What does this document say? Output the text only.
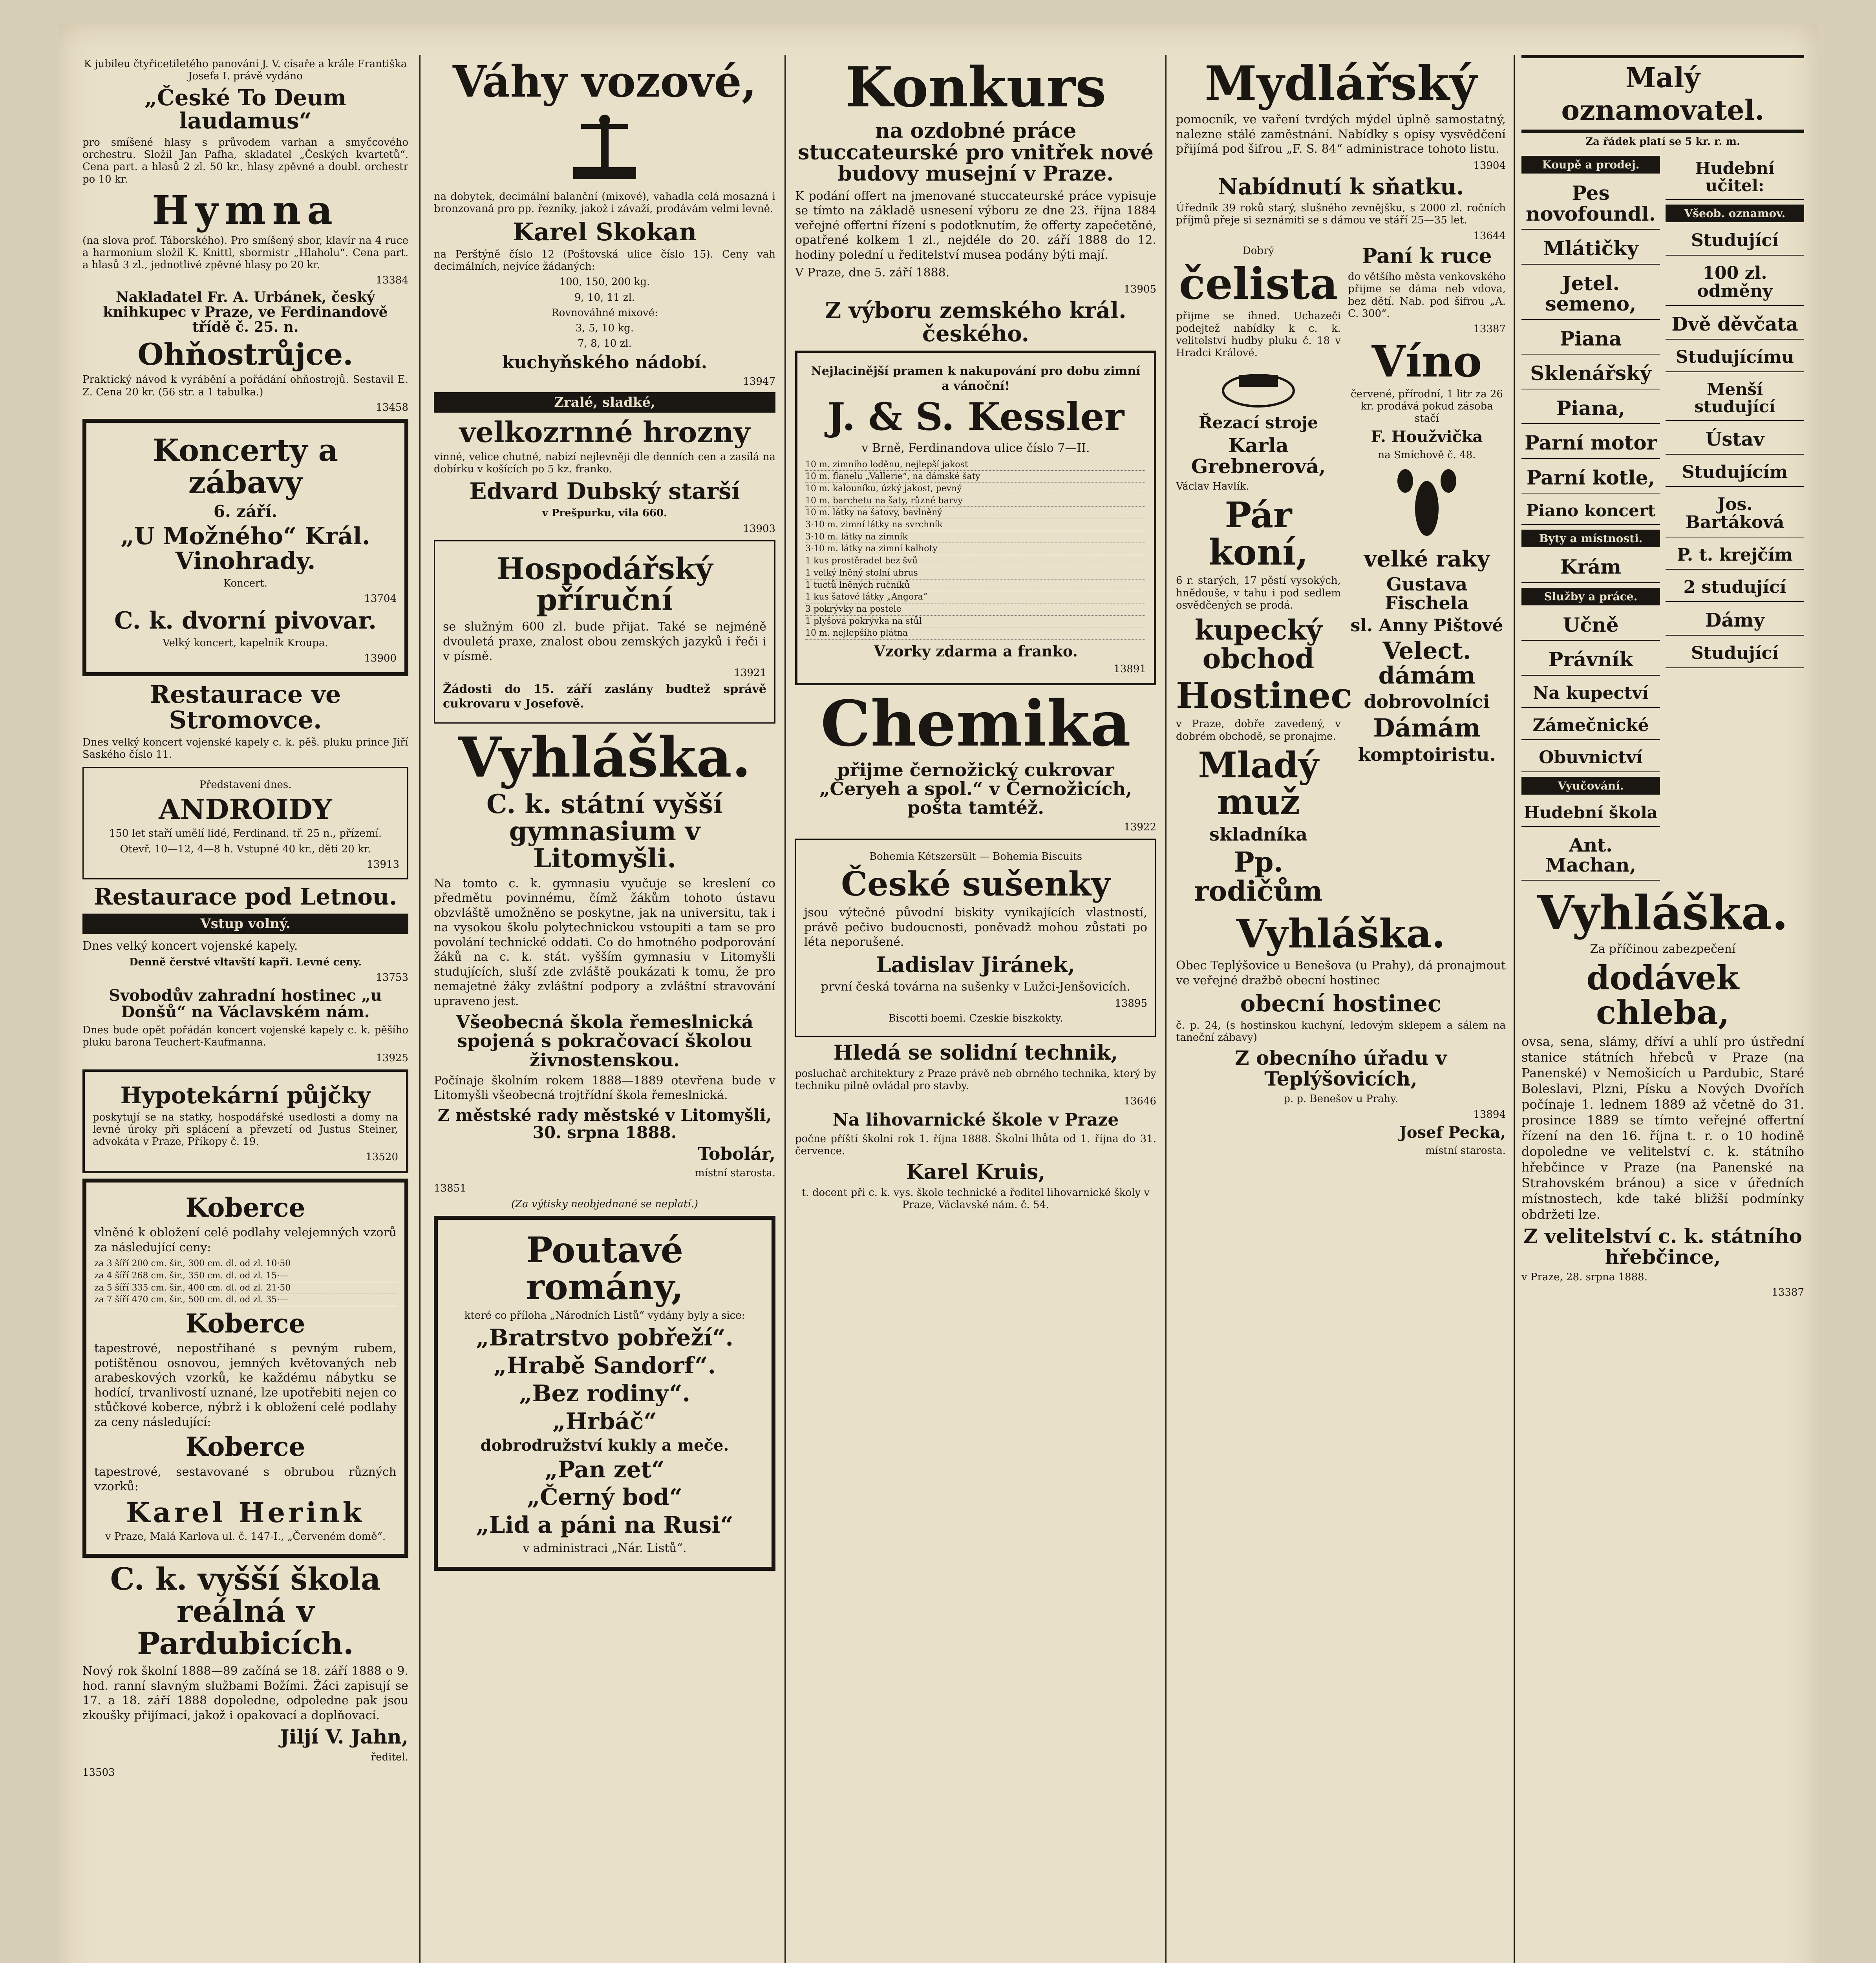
K jubileu čtyřicetiletého panování J. V. císaře a krále Františka Josefa I. právě vydáno
„České To Deum laudamus“
pro smíšené hlasy s průvodem varhan a smyčcového orchestru. Složil Jan Pafha, skladatel „Českých kvartetů“. Cena part. a hlasů 2 zl. 50 kr., hlasy zpěvné a doubl. orchestr po 10 kr.
Hymna
(na slova prof. Táborského). Pro smíšený sbor, klavír na 4 ruce a harmonium složil K. Knittl, sbormistr „Hlaholu“. Cena part. a hlasů 3 zl., jednotlivé zpěvné hlasy po 20 kr.
13384
Nakladatel Fr. A. Urbánek, český knihkupec v Praze, ve Ferdinandově třídě č. 25. n.
Ohňostrůjce.
Praktický návod k vyrábění a pořádání ohňostrojů. Sestavil E. Z. Cena 20 kr. (56 str. a 1 tabulka.)
13458
Koncerty a zábavy
6. září.
„U Možného“ Král. Vinohrady.
Koncert.
13704
C. k. dvorní pivovar.
Velký koncert, kapelník Kroupa.
13900
Restaurace ve Stromovce.
Dnes velký koncert vojenské kapely c. k. pěš. pluku prince Jiří Saského číslo 11.
Představení dnes.
ANDROIDY
150 let staří umělí lidé, Ferdinand. tř. 25 n., přízemí.
Otevř. 10—12, 4—8 h. Vstupné 40 kr., děti 20 kr.
13913
Restaurace pod Letnou.
Vstup volný.
Dnes velký koncert vojenské kapely.
Denně čerstvé vltavští kapři. Levné ceny.
13753
Svobodův zahradní hostinec „u Donšů“ na Václavském nám.
Dnes bude opět pořádán koncert vojenské kapely c. k. pěšího pluku barona Teuchert-Kaufmanna.
13925
Hypotekární půjčky
poskytují se na statky, hospodářské usedlosti a domy na levné úroky při splácení a převzetí od Justus Steiner, advokáta v Praze, Příkopy č. 19.
13520
Koberce
vlněné k obložení celé podlahy velejemných vzorů za následující ceny:
za 3 šíří 200 cm. šir., 300 cm. dl. od zl. 10·50
za 4 šíří 268 cm. šir., 350 cm. dl. od zl. 15·—
za 5 šíří 335 cm. šir., 400 cm. dl. od zl. 21·50
za 7 šíří 470 cm. šir., 500 cm. dl. od zl. 35·—
Koberce
tapestrové, nepostřihané s pevným rubem, potištěnou osnovou, jemných květovaných neb arabeskových vzorků, ke každému nábytku se hodící, trvanlivostí uznané, lze upotřebiti nejen co stůčkové koberce, nýbrž i k obložení celé podlahy za ceny následující:
Koberce
tapestrové, sestavované s obrubou různých vzorků:
Karel Herink
v Praze, Malá Karlova ul. č. 147-I., „Červeném domě“.
C. k. vyšší škola reálná v Pardubicích.
Nový rok školní 1888—89 začíná se 18. září 1888 o 9. hod. ranní slavným službami Božími. Žáci zapisují se 17. a 18. září 1888 dopoledne, odpoledne pak jsou zkoušky přijímací, jakož i opakovací a doplňovací.
Jiljí V. Jahn,
ředitel.
13503
Váhy vozové,
na dobytek, decimální balanční (mixové), vahadla celá mosazná i bronzovaná pro pp. řezníky, jakož i závaží, prodávám velmi levně.
Karel Skokan
na Perštýně číslo 12 (Poštovská ulice číslo 15). Ceny vah decimálních, nejvíce žádaných:
100, 150, 200 kg.
9, 10, 11 zl.
Rovnováhné mixové:
3, 5, 10 kg.
7, 8, 10 zl.
kuchyňského nádobí.
13947
Zralé, sladké,
velkozrnné hrozny
vinné, velice chutné, nabízí nejlevněji dle denních cen a zasílá na dobírku v košících po 5 kz. franko.
Edvard Dubský starší
v Prešpurku, vila 660.
13903
Hospodářský příruční
se služným 600 zl. bude přijat. Také se nejméně dvouletá praxe, znalost obou zemských jazyků i řeči i v písmě.
13921
Žádosti do 15. září zaslány budtež správě cukrovaru v Josefově.
Vyhláška.
C. k. státní vyšší gymnasium v Litomyšli.
Na tomto c. k. gymnasiu vyučuje se kreslení co předmětu povinnému, čímž žákům tohoto ústavu obzvláště umožněno se poskytne, jak na universitu, tak i na vysokou školu polytechnickou vstoupiti a tam se pro povolání technické oddati. Co do hmotného podporování žáků na c. k. stát. vyšším gymnasiu v Litomyšli studujících, sluší zde zvláště poukázati k tomu, že pro nemajetné žáky zvláštní podpory a zvláštní stravování upraveno jest.
Všeobecná škola řemeslnická spojená s pokračovací školou živnostenskou.
Počínaje školním rokem 1888—1889 otevřena bude v Litomyšli všeobecná trojtřídní škola řemeslnická.
Z městské rady městské v Litomyšli, 30. srpna 1888.
Tobolár,
místní starosta.
13851
(Za výtisky neobjednané se neplatí.)
Poutavé romány,
které co příloha „Národních Listů“ vydány byly a sice:
„Bratrstvo pobřeží“.
„Hrabě Sandorf“.
„Bez rodiny“.
„Hrbáč“
dobrodružství kukly a meče.
„Pan zet“
„Černý bod“
„Lid a páni na Rusi“
v administraci „Nár. Listů“.
Konkurs
na ozdobné práce stuccateurské pro vnitřek nové budovy musejní v Praze.
K podání offert na jmenované stuccateurské práce vypisuje se tímto na základě usnesení výboru ze dne 23. října 1884 veřejné offertní řízení s podotknutím, že offerty zapečetěné, opatřené kolkem 1 zl., nejdéle do 20. září 1888 do 12. hodiny polední u ředitelství musea podány býti mají.
V Praze, dne 5. září 1888.
13905
Z výboru zemského král. českého.
Nejlacinější pramen k nakupování pro dobu zimní a vánoční!
J. & S. Kessler
v Brně, Ferdinandova ulice číslo 7—II.
10 m. zimního loděnu, nejlepší jakost
10 m. flanelu „Vallerie“, na dámské šaty
10 m. kalouníku, úzký jakost, pevný
10 m. barchetu na šaty, různé barvy
10 m. látky na šatovy, bavlněný
3·10 m. zimní látky na svrchník
3·10 m. látky na zimník
3·10 m. látky na zimní kalhoty
1 kus prostěradel bez švů
1 velký lněný stolní ubrus
1 tuctů lněných ručníků
1 kus šatové látky „Angora“
3 pokrývky na postele
1 plyšová pokrývka na stůl
10 m. nejlepšího plátna
Vzorky zdarma a franko.
13891
Chemika
přijme černožický cukrovar „Čeryeh a spol.“ v Černožicích, pošta tamtéž.
13922
Bohemia Kétszersült — Bohemia Biscuits
České sušenky
jsou výtečné původní biskity vynikajících vlastností, právě pečivo budoucnosti, poněvadž mohou zůstati po léta neporušené.
Ladislav Jiránek,
první česká továrna na sušenky v Lužci-Jenšovicích.
13895
Biscotti boemi. Czeskie biszkokty.
Hledá se solidní technik,
posluchač architektury z Praze právě neb obrného technika, který by techniku pilně ovládal pro stavby.
13646
Na lihovarnické škole v Praze
počne příští školní rok 1. října 1888. Školní lhůta od 1. října do 31. července.
Karel Kruis,
t. docent při c. k. vys. škole technické a ředitel lihovarnické školy v Praze, Václavské nám. č. 54.
Mydlářský
pomocník, ve vaření tvrdých mýdel úplně samostatný, nalezne stálé zaměstnání. Nabídky s opisy vysvědčení přijímá pod šifrou „F. S. 84“ administrace tohoto listu.
13904
Nabídnutí k sňatku.
Úředník 39 roků starý, slušného zevnějšku, s 2000 zl. ročních příjmů přeje si seznámiti se s dámou ve stáří 25—35 let.
13644
Dobrý
čelista
přijme se ihned. Uchazeči podejtež nabídky k c. k. velitelství hudby pluku č. 18 v Hradci Králové.
Řezací stroje
Karla Grebnerová,
Václav Havlík.
Pár koní,
6 r. starých, 17 pěstí vysokých, hnědouše, v tahu i pod sedlem osvědčených se prodá.
kupecký obchod
Hostinec
v Praze, dobře zavedený, v dobrém obchodě, se pronajme.
Mladý muž
skladníka
Pp. rodičům
Paní k ruce
do většího města venkovského přijme se dáma neb vdova, bez dětí. Nab. pod šifrou „A. C. 300“.
13387
Víno
červené, přírodní, 1 litr za 26 kr. prodává pokud zásoba stačí
F. Houžvička
na Smíchově č. 48.
velké raky
Gustava Fischela
sl. Anny Pištové
Velect. dámám
dobrovolníci
Dámám
komptoiristu.
Vyhláška.
Obec Teplýšovice u Benešova (u Prahy), dá pronajmout ve veřejné dražbě obecní hostinec
obecní hostinec
č. p. 24, (s hostinskou kuchyní, ledovým sklepem a sálem na taneční zábavy)
Z obecního úřadu v Teplýšovicích,
p. p. Benešov u Prahy.
13894
Josef Pecka,
místní starosta.
Malý oznamovatel.
Za řádek platí se 5 kr. r. m.
Koupě a prodej.
Pes novofoundl.
Mlátičky
Jetel. semeno,
Piana
Sklenářský
Piana,
Parní motor
Parní kotle,
Piano koncert
Byty a místnosti.
Krám
Služby a práce.
Učně
Právník
Na kupectví
Zámečnické
Obuvnictví
Vyučování.
Hudební škola
Ant. Machan,
Hudební učitel:
Všeob. oznamov.
Studující
100 zl. odměny
Dvě děvčata
Studujícímu
Menší studující
Ústav
Studujícím
Jos. Bartáková
P. t. krejčím
2 studující
Dámy
Studující
Vyhláška.
Za příčinou zabezpečení
dodávek chleba,
ovsa, sena, slámy, dříví a uhlí pro ústřední stanice státních hřebců v Praze (na Panenské) v Nemošicích u Pardubic, Staré Boleslavi, Plzni, Písku a Nových Dvořích počínaje 1. lednem 1889 až včetně do 31. prosince 1889 se tímto veřejné offertní řízení na den 16. října t. r. o 10 hodině dopoledne ve velitelství c. k. státního hřebčince v Praze (na Panenské na Strahovském bránou) a sice v úředních místnostech, kde také bližší podmínky obdržeti lze.
Z velitelství c. k. státního hřebčince,
v Praze, 28. srpna 1888.
13387
